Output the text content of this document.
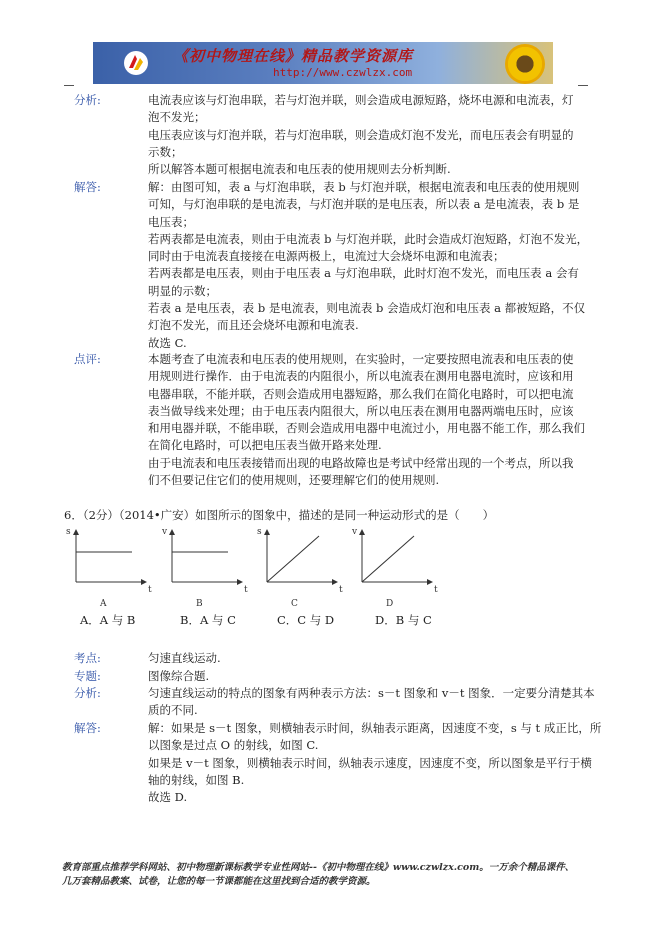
《初中物理在线》精品教学资源库
http://www.czwlzx.com
分析:	电流表应该与灯泡串联，若与灯泡并联，则会造成电源短路，烧坏电源和电流表，灯
泡不发光；
电压表应该与灯泡并联，若与灯泡串联，则会造成灯泡不发光，而电压表会有明显的
示数；
所以解答本题可根据电流表和电压表的使用规则去分析判断.
解答:	解：由图可知，表 a 与灯泡串联，表 b 与灯泡并联，根据电流表和电压表的使用规则
可知，与灯泡串联的是电流表，与灯泡并联的是电压表，所以表 a 是电流表，表 b 是
电压表；
若两表都是电流表，则由于电流表 b 与灯泡并联，此时会造成灯泡短路，灯泡不发光，
同时由于电流表直接接在电源两极上，电流过大会烧坏电源和电流表；
若两表都是电压表，则由于电压表 a 与灯泡串联，此时灯泡不发光，而电压表 a 会有
明显的示数；
若表 a 是电压表，表 b 是电流表，则电流表 b 会造成灯泡和电压表 a 都被短路，不仅
灯泡不发光，而且还会烧坏电源和电流表.
故选 C.
点评:	本题考查了电流表和电压表的使用规则，在实验时，一定要按照电流表和电压表的使
用规则进行操作．由于电流表的内阻很小，所以电流表在测用电器电流时，应该和用
电器串联，不能并联，否则会造成用电器短路，那么我们在简化电路时，可以把电流
表当做导线来处理；由于电压表内阻很大，所以电压表在测用电器两端电压时，应该
和用电器并联，不能串联，否则会造成用电器中电流过小，用电器不能工作，那么我们
在简化电路时，可以把电压表当做开路来处理.
由于电流表和电压表接错而出现的电路故障也是考试中经常出现的一个考点，所以我
们不但要记住它们的使用规则，还要理解它们的使用规则.
6．（2分）（2014•广安）如图所示的图象中，描述的是同一种运动形式的是（　　）
s
t
A
v
t
B
s
t
C
v
t
D
A．A 与 B	B．A 与 C	C．C 与 D	D．B 与 C
考点:	匀速直线运动.
专题:	图像综合题.
分析:	匀速直线运动的特点的图象有两种表示方法：s－t 图象和 v－t 图象．一定要分清楚其本
质的不同.
解答:	解：如果是 s－t 图象，则横轴表示时间，纵轴表示距离，因速度不变，s 与 t 成正比，所
以图象是过点 O 的射线，如图 C.
如果是 v－t 图象，则横轴表示时间，纵轴表示速度，因速度不变，所以图象是平行于横
轴的射线，如图 B.
故选 D.
教育部重点推荐学科网站、初中物理新课标教学专业性网站--《初中物理在线》www.czwlzx.com。一万余个精品课件、
几万套精品教案、试卷，让您的每一节课都能在这里找到合适的教学资源。
